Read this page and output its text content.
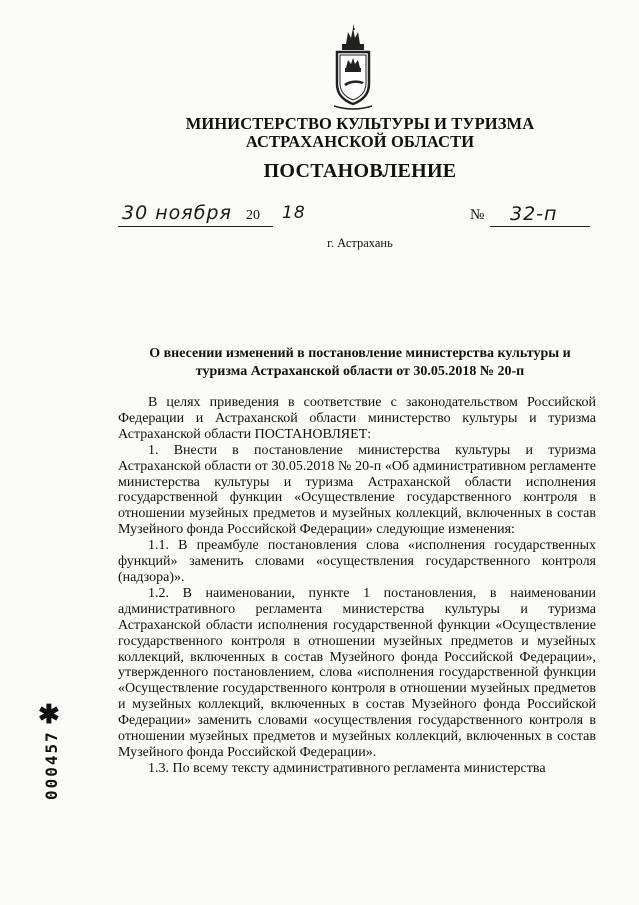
МИНИСТЕРСТВО КУЛЬТУРЫ И ТУРИЗМА
АСТРАХАНСКОЙ ОБЛАСТИ
ПОСТАНОВЛЕНИЕ
30 ноября 20 18	№ 32-п
г. Астрахань
О внесении изменений в постановление министерства культуры и
туризма Астраханской области от 30.05.2018 № 20-п

В целях приведения в соответствие с законодательством Российской Федерации и Астраханской области министерство культуры и туризма Астраханской области ПОСТАНОВЛЯЕТ:

1. Внести в постановление министерства культуры и туризма Астраханской области от 30.05.2018 № 20-п «Об административном регламенте министерства культуры и туризма Астраханской области исполнения государственной функции «Осуществление государственного контроля в отношении музейных предметов и музейных коллекций, включенных в состав Музейного фонда Российской Федерации» следующие изменения:

1.1. В преамбуле постановления слова «исполнения государственных функций» заменить словами «осуществления государственного контроля (надзора)».

1.2. В наименовании, пункте 1 постановления, в наименовании административного регламента министерства культуры и туризма Астраханской области исполнения государственной функции «Осуществление государственного контроля в отношении музейных предметов и музейных коллекций, включенных в состав Музейного фонда Российской Федерации», утвержденного постановлением, слова «исполнения государственной функции «Осуществление государственного контроля в отношении музейных предметов и музейных коллекций, включенных в состав Музейного фонда Российской Федерации» заменить словами «осуществления государственного контроля в отношении музейных предметов и музейных коллекций, включенных в состав Музейного фонда Российской Федерации».

1.3. По всему тексту административного регламента министерства

✱
000457
